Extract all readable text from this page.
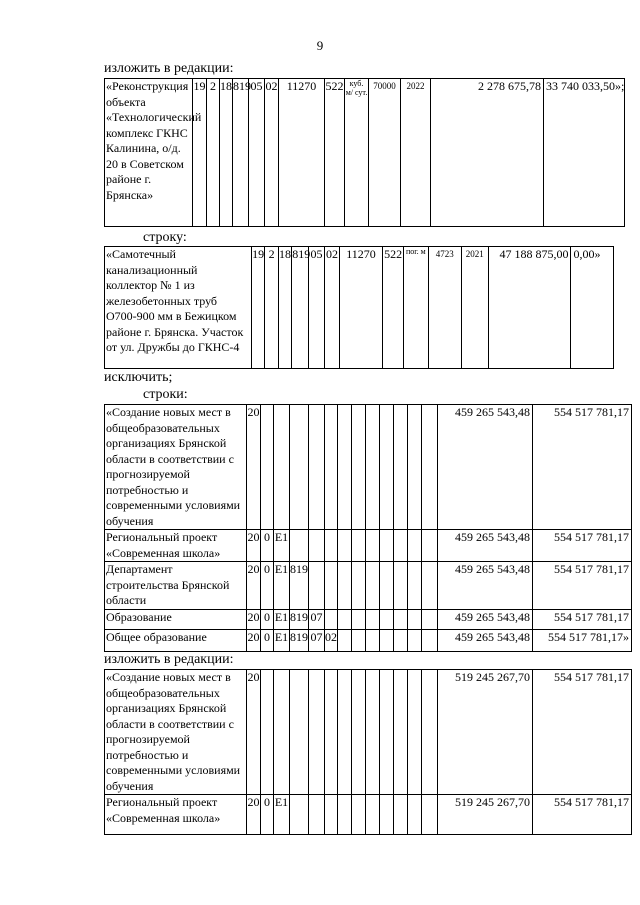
9
изложить в редакции:
«Реконструкция объекта «Технологический комплекс ГКНС Калинина, о/д. 20 в Советском районе г. Брянска»	19	2	18	819	05	02	11270	522	куб. м/ сут.	70000	2022	2 278 675,78	33 740 033,50»;
строку:
«Самотечный канализационный коллектор № 1 из железобетонных труб О700-900 мм в Бежицком районе г. Брянска. Участок от ул. Дружбы до ГКНС-4	19	2	18	819	05	02	11270	522	пог. м	4723	2021	47 188 875,00	0,00»
исключить;
строки:
«Создание новых мест в общеобразовательных организациях Брянской области в соответствии с прогнозируемой потребностью и современными условиями обучения	20													459 265 543,48	554 517 781,17
Региональный проект «Современная школа»	20	0	E1											459 265 543,48	554 517 781,17
Департамент строительства Брянской области	20	0	E1	819										459 265 543,48	554 517 781,17
Образование	20	0	E1	819	07									459 265 543,48	554 517 781,17
Общее образование	20	0	E1	819	07	02								459 265 543,48	554 517 781,17»
изложить в редакции:
«Создание новых мест в общеобразовательных организациях Брянской области в соответствии с прогнозируемой потребностью и современными условиями обучения	20													519 245 267,70	554 517 781,17
Региональный проект «Современная школа»	20	0	E1											519 245 267,70	554 517 781,17
